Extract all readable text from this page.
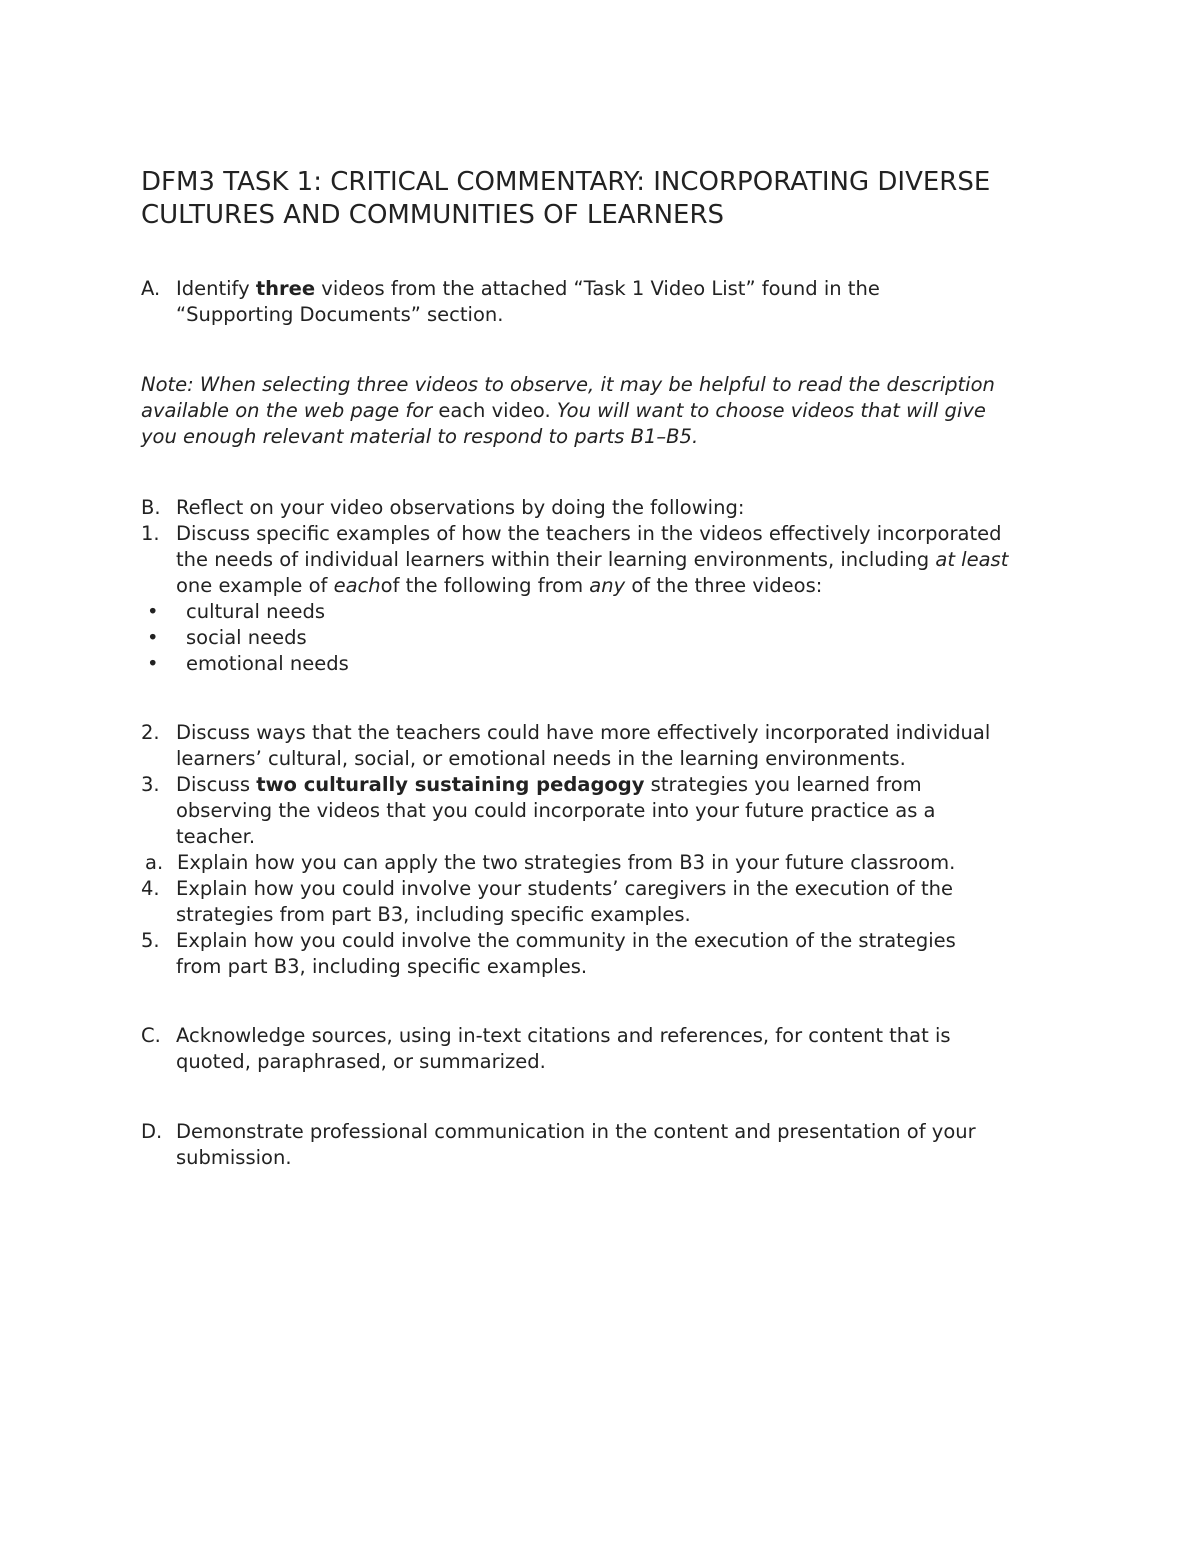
DFM3 TASK 1: CRITICAL COMMENTARY: INCORPORATING DIVERSE
CULTURES AND COMMUNITIES OF LEARNERS
A. Identify three videos from the attached “Task 1 Video List” found in the
“Supporting Documents” section.

Note: When selecting three videos to observe, it may be helpful to read the description

available on the web page for each video. You will want to choose videos that will give

you enough relevant material to respond to parts B1–B5.

B. Reflect on your video observations by doing the following:
1. Discuss specific examples of how the teachers in the videos effectively incorporated
the needs of individual learners within their learning environments, including at least
one example of eachof the following from any of the three videos:
•	cultural needs
•	social needs
•	emotional needs
2. Discuss ways that the teachers could have more effectively incorporated individual
learners’ cultural, social, or emotional needs in the learning environments.
3. Discuss two culturally sustaining pedagogy strategies you learned from
observing the videos that you could incorporate into your future practice as a
teacher.
a. Explain how you can apply the two strategies from B3 in your future classroom.
4. Explain how you could involve your students’ caregivers in the execution of the
strategies from part B3, including specific examples.
5. Explain how you could involve the community in the execution of the strategies
from part B3, including specific examples.
C. Acknowledge sources, using in-text citations and references, for content that is
quoted, paraphrased, or summarized.
D. Demonstrate professional communication in the content and presentation of your
submission.
